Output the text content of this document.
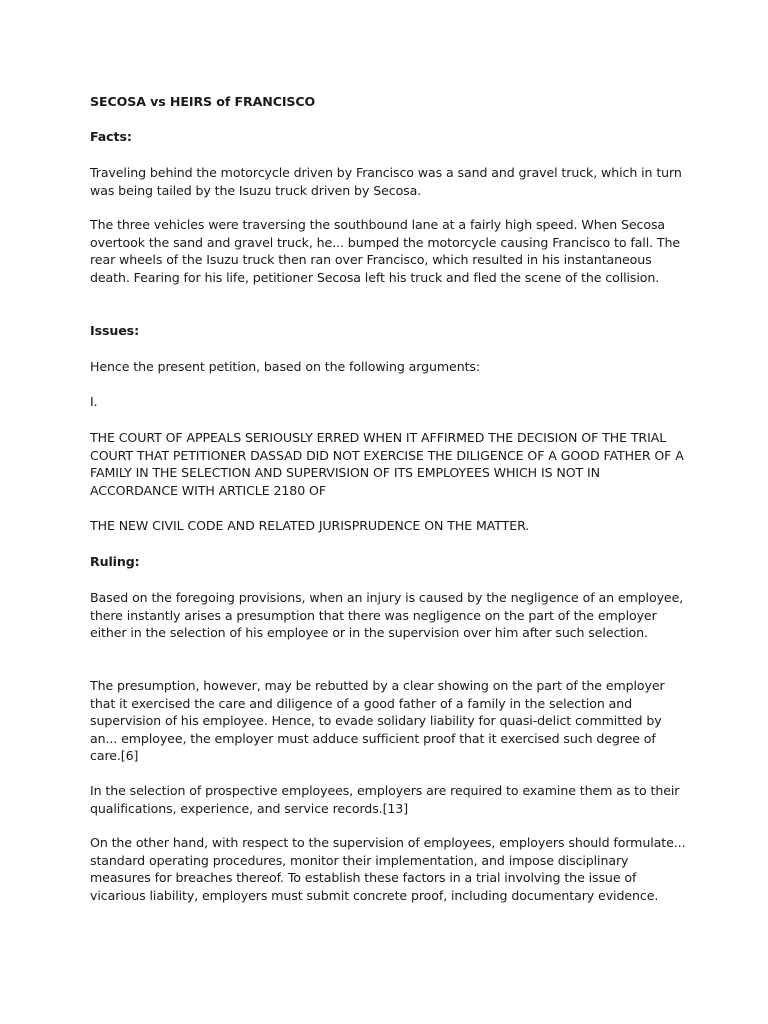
SECOSA vs HEIRS of FRANCISCO

Facts:

Traveling behind the motorcycle driven by Francisco was a sand and gravel truck, which in turn was being tailed by the Isuzu truck driven by Secosa.

The three vehicles were traversing the southbound lane at a fairly high speed. When Secosa overtook the sand and gravel truck, he... bumped the motorcycle causing Francisco to fall. The rear wheels of the Isuzu truck then ran over Francisco, which resulted in his instantaneous death. Fearing for his life, petitioner Secosa left his truck and fled the scene of the collision.

Issues:

Hence the present petition, based on the following arguments:

I.

THE COURT OF APPEALS SERIOUSLY ERRED WHEN IT AFFIRMED THE DECISION OF THE TRIAL COURT THAT PETITIONER DASSAD DID NOT EXERCISE THE DILIGENCE OF A GOOD FATHER OF A FAMILY IN THE SELECTION AND SUPERVISION OF ITS EMPLOYEES WHICH IS NOT IN ACCORDANCE WITH ARTICLE 2180 OF

THE NEW CIVIL CODE AND RELATED JURISPRUDENCE ON THE MATTER.

Ruling:

Based on the foregoing provisions, when an injury is caused by the negligence of an employee, there instantly arises a presumption that there was negligence on the part of the employer either in the selection of his employee or in the supervision over him after such selection.

The presumption, however, may be rebutted by a clear showing on the part of the employer that it exercised the care and diligence of a good father of a family in the selection and supervision of his employee. Hence, to evade solidary liability for quasi-delict committed by an... employee, the employer must adduce sufficient proof that it exercised such degree of care.[6]

In the selection of prospective employees, employers are required to examine them as to their qualifications, experience, and service records.[13]

On the other hand, with respect to the supervision of employees, employers should formulate... standard operating procedures, monitor their implementation, and impose disciplinary measures for breaches thereof. To establish these factors in a trial involving the issue of vicarious liability, employers must submit concrete proof, including documentary evidence.
